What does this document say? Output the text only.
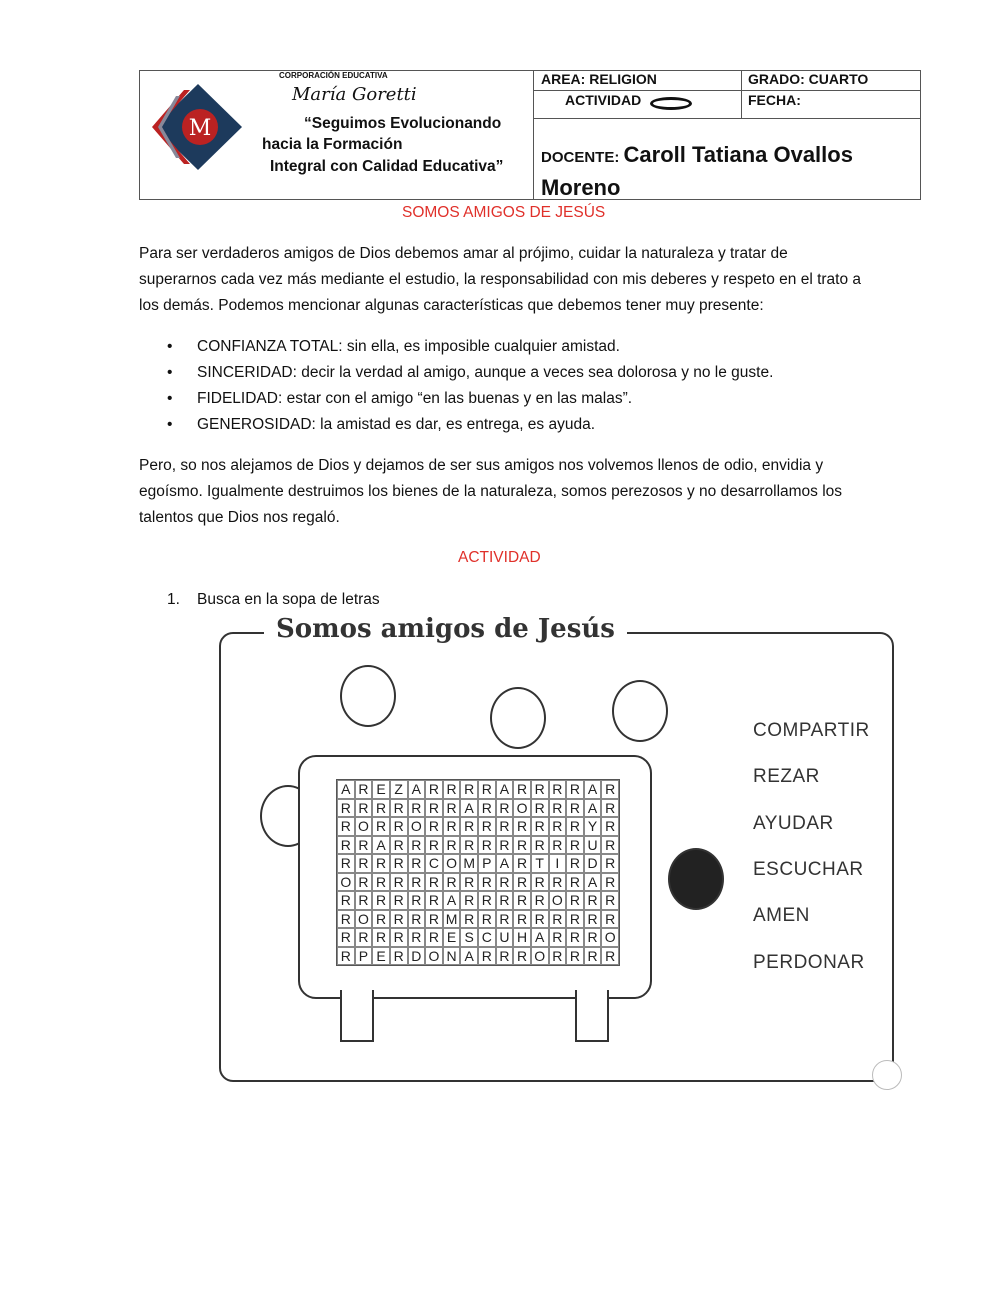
M
CORPORACIÓN EDUCATIVA
María Goretti
“Seguimos Evolucionando
hacia la Formación
Integral con Calidad Educativa”
AREA: RELIGION	GRADO: CUARTO
ACTIVIDAD	FECHA:
DOCENTE: Caroll Tatiana Ovallos Moreno
SOMOS AMIGOS DE JESÚS
Para ser verdaderos amigos de Dios debemos amar al prójimo, cuidar la naturaleza y tratar de superarnos cada vez más mediante el estudio, la responsabilidad con mis deberes y respeto en el trato a los demás. Podemos mencionar algunas características que debemos tener muy presente:
• CONFIANZA TOTAL: sin ella, es imposible cualquier amistad.
• SINCERIDAD: decir la verdad al amigo, aunque a veces sea dolorosa y no le guste.
• FIDELIDAD: estar con el amigo “en las buenas y en las malas”.
• GENEROSIDAD: la amistad es dar, es entrega, es ayuda.
Pero, so nos alejamos de Dios y dejamos de ser sus amigos nos volvemos llenos de odio, envidia y egoísmo. Igualmente destruimos los bienes de la naturaleza, somos perezosos y no desarrollamos los talentos que Dios nos regaló.
ACTIVIDAD
1. Busca en la sopa de letras
Somos amigos de Jesús
A R E Z A R R R R A R R R R A R
R R R R R R R A R R O R R R A R
R O R R O R R R R R R R R R Y R
R R A R R R R R R R R R R R U R
R R R R R C O M P A R T I R D R
O R R R R R R R R R R R R R A R
R R R R R R A R R R R R O R R R
R O R R R R M R R R R R R R R R
R R R R R R E S C U H A R R R O
R P E R D O N A R R R O R R R R
COMPARTIR
REZAR
AYUDAR
ESCUCHAR
AMEN
PERDONAR
